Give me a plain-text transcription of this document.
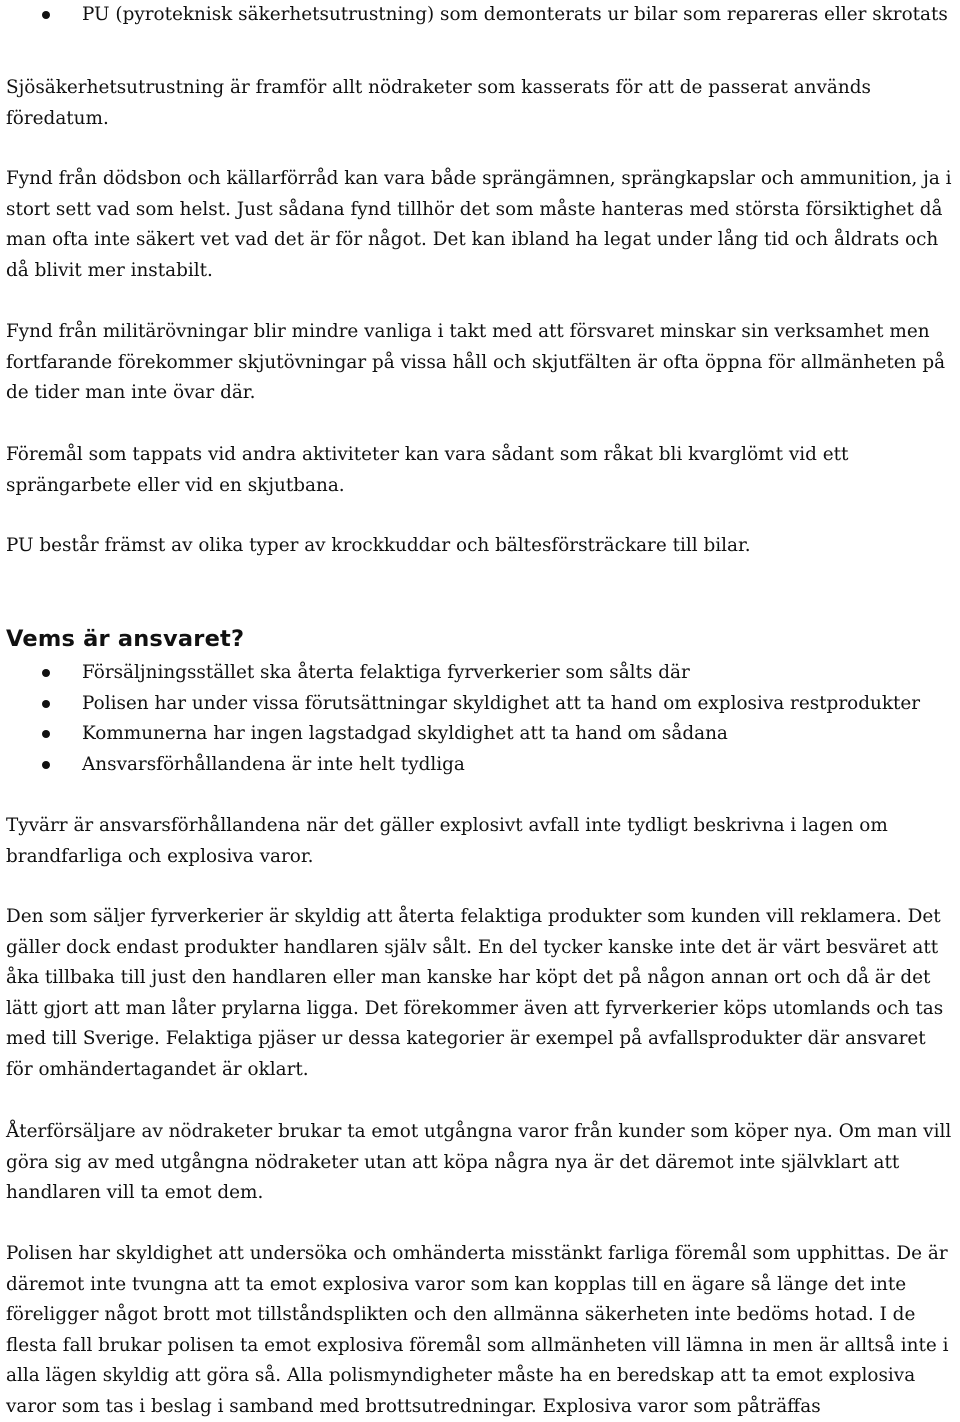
PU (pyroteknisk säkerhetsutrustning) som demonterats ur bilar som repareras eller skrotats

Sjösäkerhetsutrustning är framför allt nödraketer som kasserats för att de passerat används föredatum.

Fynd från dödsbon och källarförråd kan vara både sprängämnen, sprängkapslar och ammunition, ja i stort sett vad som helst. Just sådana fynd tillhör det som måste hanteras med största försiktighet då man ofta inte säkert vet vad det är för något. Det kan ibland ha legat under lång tid och åldrats och då blivit mer instabilt.

Fynd från militärövningar blir mindre vanliga i takt med att försvaret minskar sin verksamhet men fortfarande förekommer skjutövningar på vissa håll och skjutfälten är ofta öppna för allmänheten på de tider man inte övar där.

Föremål som tappats vid andra aktiviteter kan vara sådant som råkat bli kvarglömt vid ett sprängarbete eller vid en skjutbana.

PU består främst av olika typer av krockkuddar och bältesförsträckare till bilar.

Vems är ansvaret?
Försäljningsstället ska återta felaktiga fyrverkerier som sålts där
Polisen har under vissa förutsättningar skyldighet att ta hand om explosiva restprodukter
Kommunerna har ingen lagstadgad skyldighet att ta hand om sådana
Ansvarsförhållandena är inte helt tydliga

Tyvärr är ansvarsförhållandena när det gäller explosivt avfall inte tydligt beskrivna i lagen om brandfarliga och explosiva varor.

Den som säljer fyrverkerier är skyldig att återta felaktiga produkter som kunden vill reklamera. Det gäller dock endast produkter handlaren själv sålt. En del tycker kanske inte det är värt besväret att åka tillbaka till just den handlaren eller man kanske har köpt det på någon annan ort och då är det lätt gjort att man låter prylarna ligga. Det förekommer även att fyrverkerier köps utomlands och tas med till Sverige. Felaktiga pjäser ur dessa kategorier är exempel på avfallsprodukter där ansvaret för omhändertagandet är oklart.

Återförsäljare av nödraketer brukar ta emot utgångna varor från kunder som köper nya. Om man vill göra sig av med utgångna nödraketer utan att köpa några nya är det däremot inte självklart att handlaren vill ta emot dem.

Polisen har skyldighet att undersöka och omhänderta misstänkt farliga föremål som upphittas. De är däremot inte tvungna att ta emot explosiva varor som kan kopplas till en ägare så länge det inte föreligger något brott mot tillståndsplikten och den allmänna säkerheten inte bedöms hotad. I de flesta fall brukar polisen ta emot explosiva föremål som allmänheten vill lämna in men är alltså inte i alla lägen skyldig att göra så. Alla polismyndigheter måste ha en beredskap att ta emot explosiva varor som tas i beslag i samband med brottsutredningar. Explosiva varor som påträffas
